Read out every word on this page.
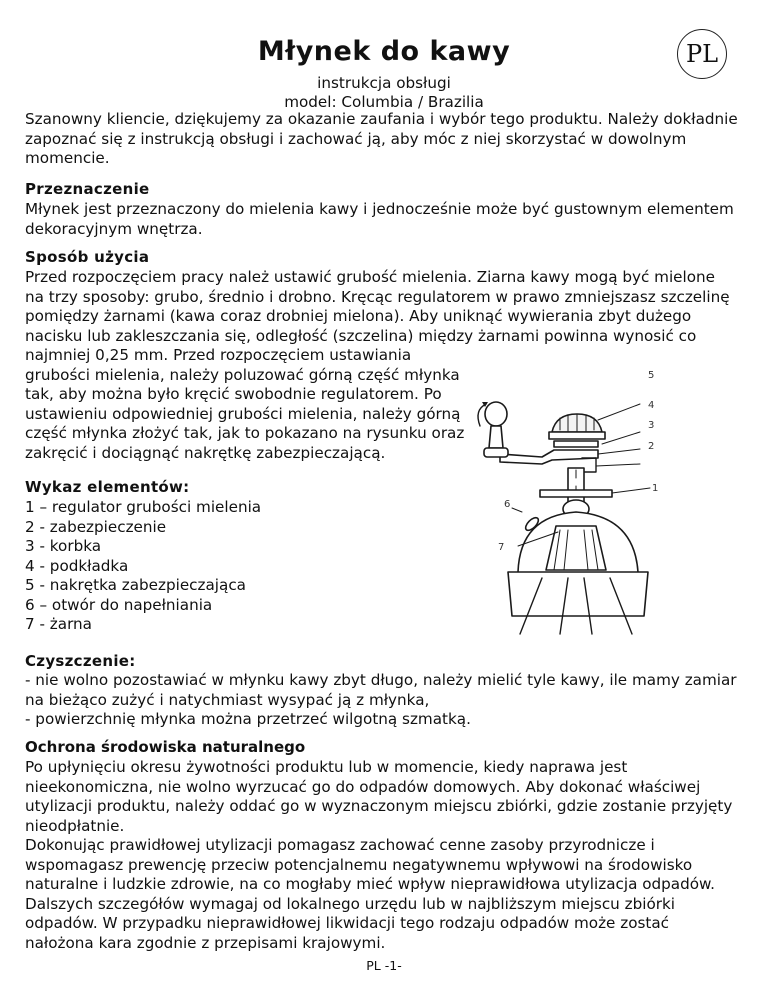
Młynek do kawy	PL
instrukcja obsługi
model: Columbia / Brazilia
Szanowny kliencie, dziękujemy za okazanie zaufania i wybór tego produktu. Należy dokładnie
zapoznać się z instrukcją obsługi i zachować ją, aby móc z niej skorzystać w dowolnym
momencie.
Przeznaczenie
Młynek jest przeznaczony do mielenia kawy i jednocześnie może być gustownym elementem
dekoracyjnym wnętrza.
Sposób użycia
Przed rozpoczęciem pracy należ ustawić grubość mielenia. Ziarna kawy mogą być mielone
na trzy sposoby: grubo, średnio i drobno. Kręcąc regulatorem w prawo zmniejszasz szczelinę
pomiędzy żarnami (kawa coraz drobniej mielona). Aby uniknąć wywierania zbyt dużego
nacisku lub zakleszczania się, odległość (szczelina) między żarnami powinna wynosić co
najmniej 0,25 mm. Przed rozpoczęciem ustawiania
grubości mielenia, należy poluzować górną część młynka
tak, aby można było kręcić swobodnie regulatorem. Po
ustawieniu odpowiedniej grubości mielenia, należy górną
część młynka złożyć tak, jak to pokazano na rysunku oraz
zakręcić i dociągnąć nakrętkę zabezpieczającą.
Wykaz elementów:
1 – regulator grubości mielenia
2 - zabezpieczenie
3 - korbka
4 - podkładka
5 - nakrętka zabezpieczająca
6 – otwór do napełniania
7 - żarna
5
4
3
2
1
6
7
Czyszczenie:
- nie wolno pozostawiać w młynku kawy zbyt długo, należy mielić tyle kawy, ile mamy zamiar
na bieżąco zużyć i natychmiast wysypać ją z młynka,
- powierzchnię młynka można przetrzeć wilgotną szmatką.
Ochrona środowiska naturalnego
Po upłynięciu okresu żywotności produktu lub w momencie, kiedy naprawa jest
nieekonomiczna, nie wolno wyrzucać go do odpadów domowych. Aby dokonać właściwej
utylizacji produktu, należy oddać go w wyznaczonym miejscu zbiórki, gdzie zostanie przyjęty
nieodpłatnie.
Dokonując prawidłowej utylizacji pomagasz zachować cenne zasoby przyrodnicze i
wspomagasz prewencję przeciw potencjalnemu negatywnemu wpływowi na środowisko
naturalne i ludzkie zdrowie, na co mogłaby mieć wpływ nieprawidłowa utylizacja odpadów.
Dalszych szczegółów wymagaj od lokalnego urzędu lub w najbliższym miejscu zbiórki
odpadów. W przypadku nieprawidłowej likwidacji tego rodzaju odpadów może zostać
nałożona kara zgodnie z przepisami krajowymi.
PL -1-
